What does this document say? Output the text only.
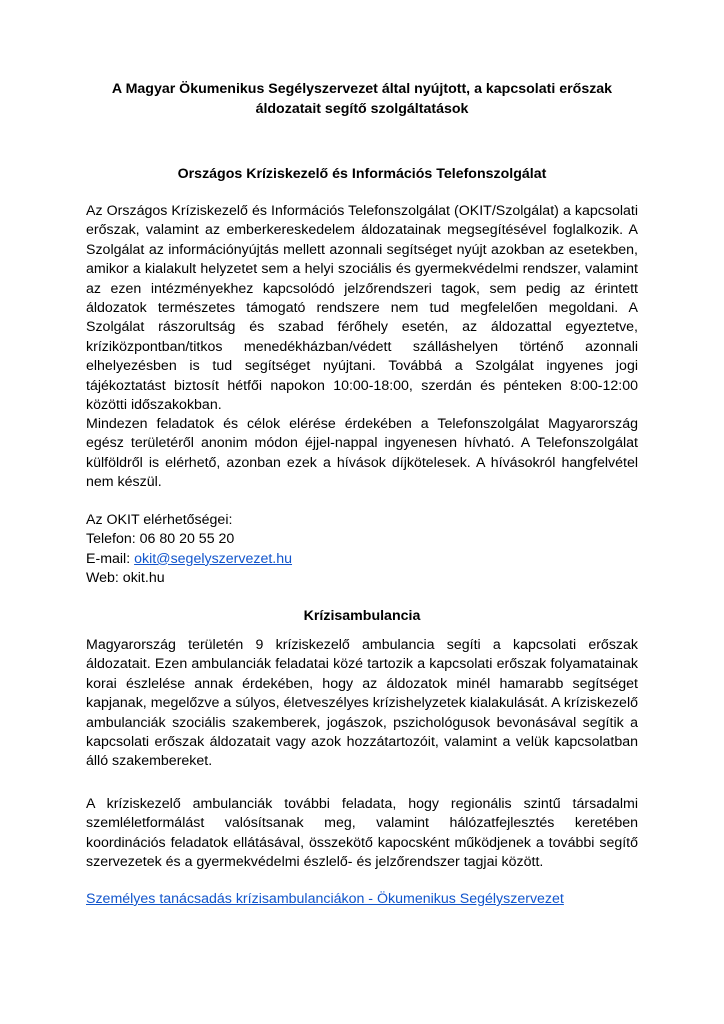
A Magyar Ökumenikus Segélyszervezet által nyújtott, a kapcsolati erőszak áldozatait segítő szolgáltatások
Országos Kríziskezelő és Információs Telefonszolgálat

Az Országos Kríziskezelő és Információs Telefonszolgálat (OKIT/Szolgálat) a kapcsolati erőszak, valamint az emberkereskedelem áldozatainak megsegítésével foglalkozik. A Szolgálat az információnyújtás mellett azonnali segítséget nyújt azokban az esetekben, amikor a kialakult helyzetet sem a helyi szociális és gyermekvédelmi rendszer, valamint az ezen intézményekhez kapcsolódó jelzőrendszeri tagok, sem pedig az érintett áldozatok természetes támogató rendszere nem tud megfelelően megoldani. A Szolgálat rászorultság és szabad férőhely esetén, az áldozattal egyeztetve, kríziközpontban/titkos menedékházban/védett szálláshelyen történő azonnali elhelyezésben is tud segítséget nyújtani. Továbbá a Szolgálat ingyenes jogi tájékoztatást biztosít hétfői napokon 10:00-18:00, szerdán és pénteken 8:00-12:00 közötti időszakokban.

Mindezen feladatok és célok elérése érdekében a Telefonszolgálat Magyarország egész területéről anonim módon éjjel-nappal ingyenesen hívható. A Telefonszolgálat külföldről is elérhető, azonban ezek a hívások díjkötelesek. A hívásokról hangfelvétel nem készül.

Az OKIT elérhetőségei:
Telefon: 06 80 20 55 20
E-mail: okit@segelyszervezet.hu
Web: okit.hu
Krízisambulancia

Magyarország területén 9 kríziskezelő ambulancia segíti a kapcsolati erőszak áldozatait. Ezen ambulanciák feladatai közé tartozik a kapcsolati erőszak folyamatainak korai észlelése annak érdekében, hogy az áldozatok minél hamarabb segítséget kapjanak, megelőzve a súlyos, életveszélyes krízishelyzetek kialakulását. A kríziskezelő ambulanciák szociális szakemberek, jogászok, pszichológusok bevonásával segítik a kapcsolati erőszak áldozatait vagy azok hozzátartozóit, valamint a velük kapcsolatban álló szakembereket.

A kríziskezelő ambulanciák további feladata, hogy regionális szintű társadalmi szemléletformálást valósítsanak meg, valamint hálózatfejlesztés keretében koordinációs feladatok ellátásával, összekötő kapocsként működjenek a további segítő szervezetek és a gyermekvédelmi észlelő- és jelzőrendszer tagjai között.

Személyes tanácsadás krízisambulanciákon - Ökumenikus Segélyszervezet
